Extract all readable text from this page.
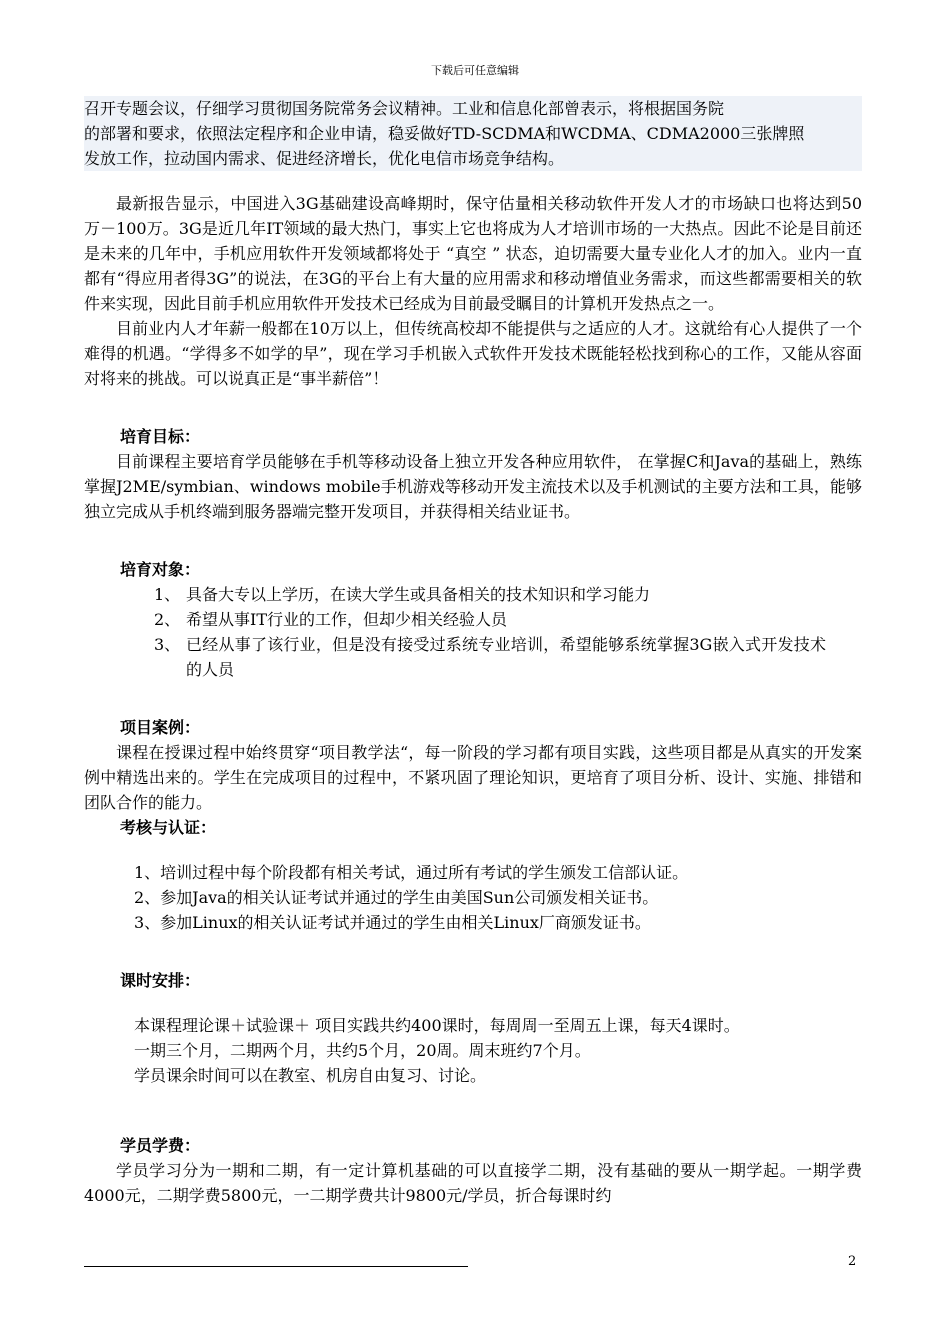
下载后可任意编辑

召开专题会议，仔细学习贯彻国务院常务会议精神。工业和信息化部曾表示，将根据国务院

的部署和要求，依照法定程序和企业申请，稳妥做好TD-SCDMA和WCDMA、CDMA2000三张牌照

发放工作，拉动国内需求、促进经济增长，优化电信市场竞争结构。

最新报告显示，中国进入3G基础建设高峰期时，保守估量相关移动软件开发人才的市场缺口也将达到50万－100万。3G是近几年IT领域的最大热门，事实上它也将成为人才培训市场的一大热点。因此不论是目前还是未来的几年中，手机应用软件开发领域都将处于 “真空 ” 状态，迫切需要大量专业化人才的加入。业内一直都有“得应用者得3G”的说法，在3G的平台上有大量的应用需求和移动增值业务需求，而这些都需要相关的软件来实现，因此目前手机应用软件开发技术已经成为目前最受瞩目的计算机开发热点之一。

目前业内人才年薪一般都在10万以上，但传统高校却不能提供与之适应的人才。这就给有心人提供了一个难得的机遇。“学得多不如学的早”，现在学习手机嵌入式软件开发技术既能轻松找到称心的工作，又能从容面对将来的挑战。可以说真正是“事半薪倍”！

培育目标：

目前课程主要培育学员能够在手机等移动设备上独立开发各种应用软件， 在掌握C和Java的基础上，熟练掌握J2ME/symbian、windows mobile手机游戏等移动开发主流技术以及手机测试的主要方法和工具，能够独立完成从手机终端到服务器端完整开发项目，并获得相关结业证书。

培育对象：

1、具备大专以上学历，在读大学生或具备相关的技术知识和学习能力

2、希望从事IT行业的工作，但却少相关经验人员

3、已经从事了该行业，但是没有接受过系统专业培训，希望能够系统掌握3G嵌入式开发技术的人员

项目案例：

课程在授课过程中始终贯穿“项目教学法“，每一阶段的学习都有项目实践，这些项目都是从真实的开发案例中精选出来的。学生在完成项目的过程中，不紧巩固了理论知识，更培育了项目分析、设计、实施、排错和团队合作的能力。

考核与认证：

1、培训过程中每个阶段都有相关考试，通过所有考试的学生颁发工信部认证。

2、参加Java的相关认证考试并通过的学生由美国Sun公司颁发相关证书。

3、参加Linux的相关认证考试并通过的学生由相关Linux厂商颁发证书。

课时安排：

本课程理论课＋试验课＋ 项目实践共约400课时，每周周一至周五上课，每天4课时。

一期三个月，二期两个月，共约5个月，20周。周末班约7个月。

学员课余时间可以在教室、机房自由复习、讨论。

学员学费：

学员学习分为一期和二期，有一定计算机基础的可以直接学二期，没有基础的要从一期学起。一期学费4000元，二期学费5800元，一二期学费共计9800元/学员，折合每课时约

2
